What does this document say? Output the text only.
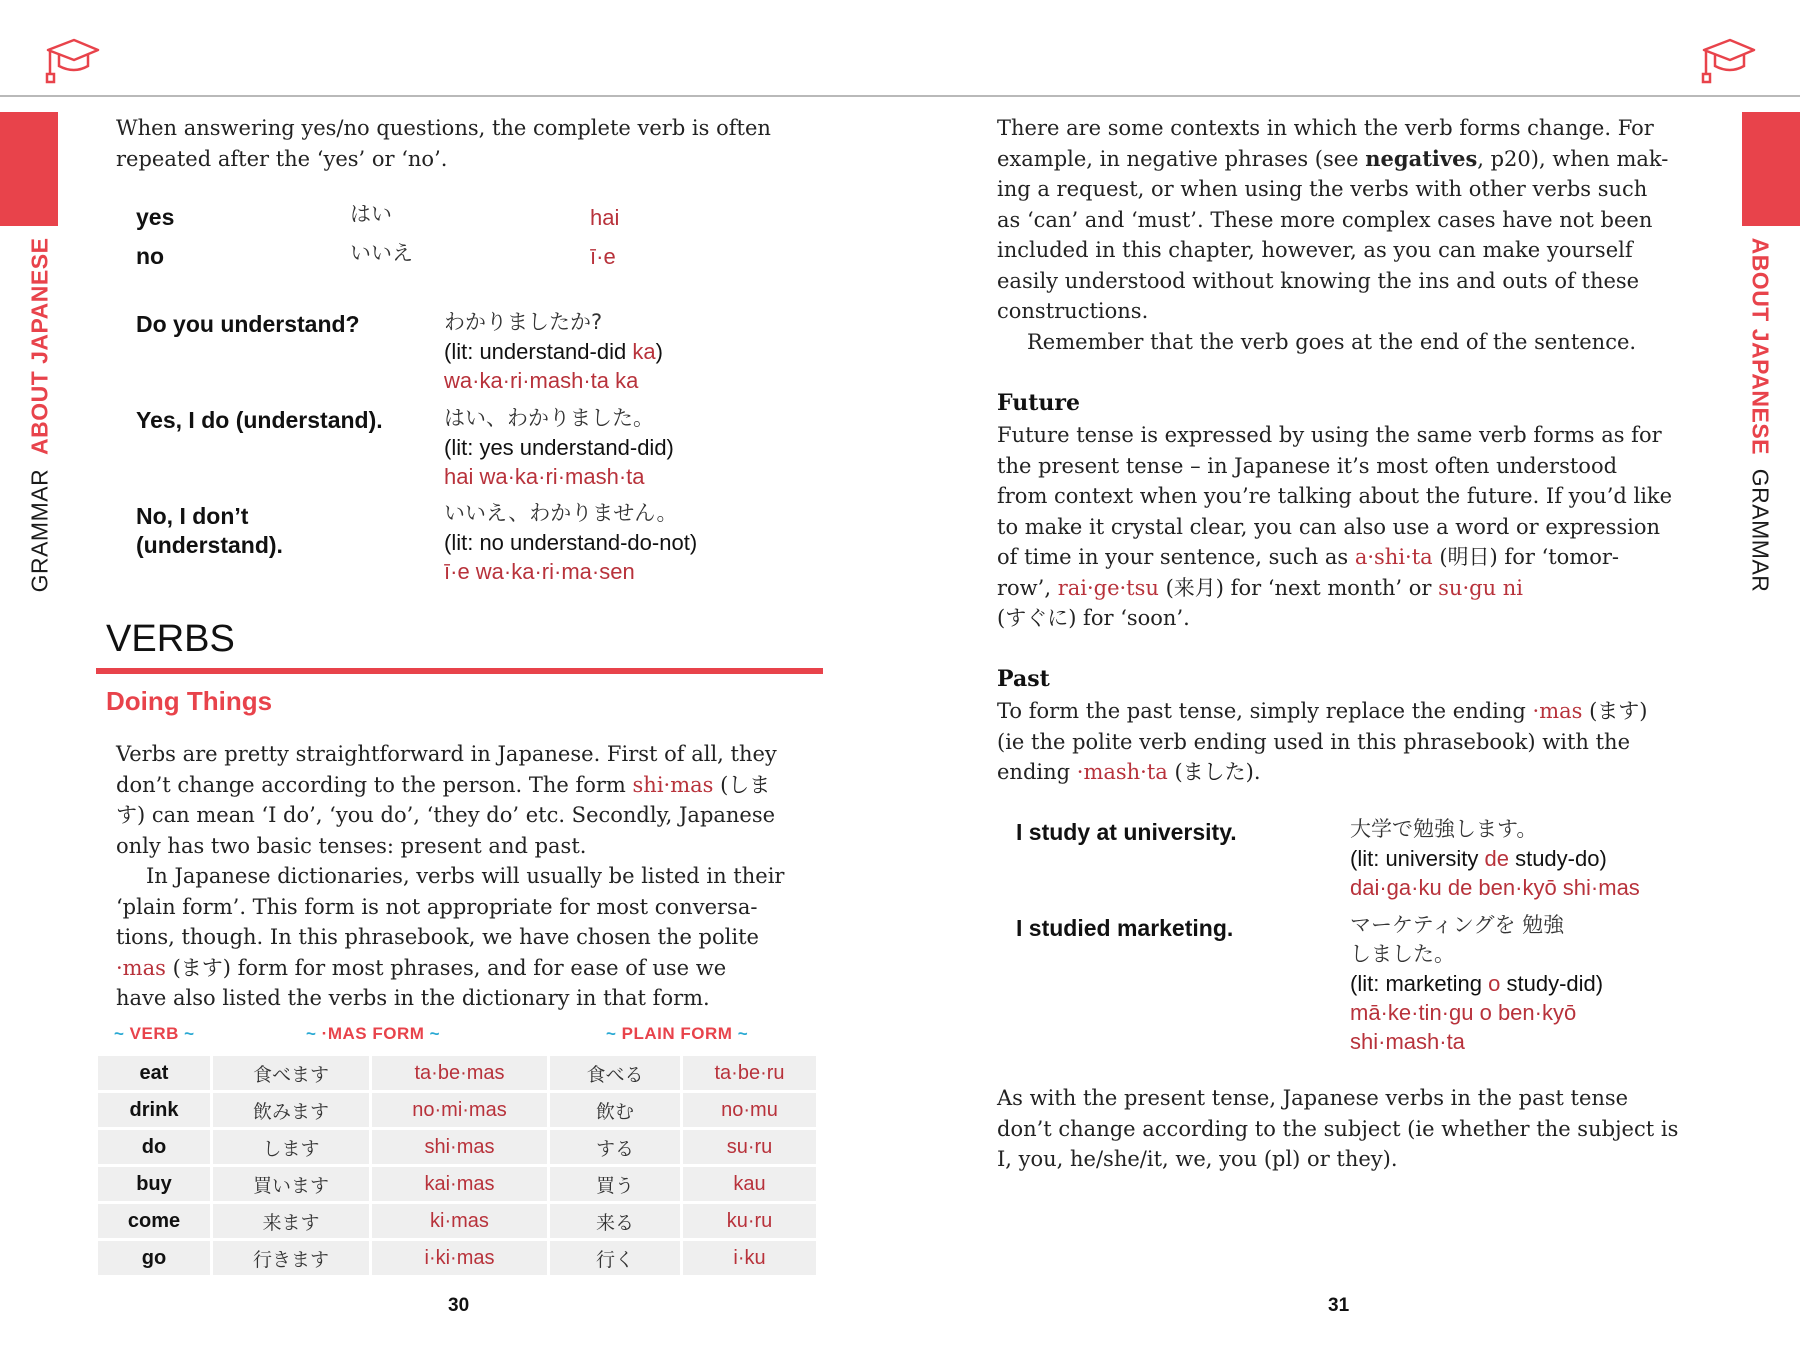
GRAMMAR  ABOUT JAPANESE	ABOUT JAPANESE  GRAMMAR
When answering yes/no questions, the complete verb is often
repeated after the ‘yes’ or ‘no’.
yes	はい	hai
no	いいえ	ī·e
Do you understand?	わかりましたか?
(lit: understand-did ka)
wa·ka·ri·mash·ta ka
Yes, I do (understand).	はい、わかりました。
(lit: yes understand-did)
hai wa·ka·ri·mash·ta
No, I don’t
(understand).
いいえ、わかりません。
(lit: no understand-do-not)
ī·e wa·ka·ri·ma·sen
VERBS
Doing Things
Verbs are pretty straightforward in Japanese. First of all, they
don’t change according to the person. The form shi·mas (しま
す) can mean ‘I do’, ‘you do’, ‘they do’ etc. Secondly, Japanese
only has two basic tenses: present and past.
In Japanese dictionaries, verbs will usually be listed in their
‘plain form’. This form is not appropriate for most conversa-
tions, though. In this phrasebook, we have chosen the polite
·mas (ます) form for most phrases, and for ease of use we
have also listed the verbs in the dictionary in that form.
~ VERB ~	~ ·MAS FORM ~	~ PLAIN FORM ~
eat	食べます	ta·be·mas	食べる	ta·be·ru
drink	飲みます	no·mi·mas	飲む	no·mu
do	します	shi·mas	する	su·ru
buy	買います	kai·mas	買う	kau
come	来ます	ki·mas	来る	ku·ru
go	行きます	i·ki·mas	行く	i·ku
30
There are some contexts in which the verb forms change. For
example, in negative phrases (see negatives, p20), when mak-
ing a request, or when using the verbs with other verbs such
as ‘can’ and ‘must’. These more complex cases have not been
included in this chapter, however, as you can make yourself
easily understood without knowing the ins and outs of these
constructions.
Remember that the verb goes at the end of the sentence.
Future
Future tense is expressed by using the same verb forms as for
the present tense – in Japanese it’s most often understood
from context when you’re talking about the future. If you’d like
to make it crystal clear, you can also use a word or expression
of time in your sentence, such as a·shi·ta (明日) for ‘tomor-
row’, rai·ge·tsu (来月) for ‘next month’ or su·gu ni
(すぐに) for ‘soon’.
Past
To form the past tense, simply replace the ending ·mas (ます)
(ie the polite verb ending used in this phrasebook) with the
ending ·mash·ta (ました).
I study at university.	大学で勉強します。
(lit: university de study-do)
dai·ga·ku de ben·kyō shi·mas
I studied marketing.	マーケティングを 勉強
しました。
(lit: marketing o study-did)
mā·ke·tin·gu o ben·kyō
shi·mash·ta
As with the present tense, Japanese verbs in the past tense
don’t change according to the subject (ie whether the subject is
I, you, he/she/it, we, you (pl) or they).
31
